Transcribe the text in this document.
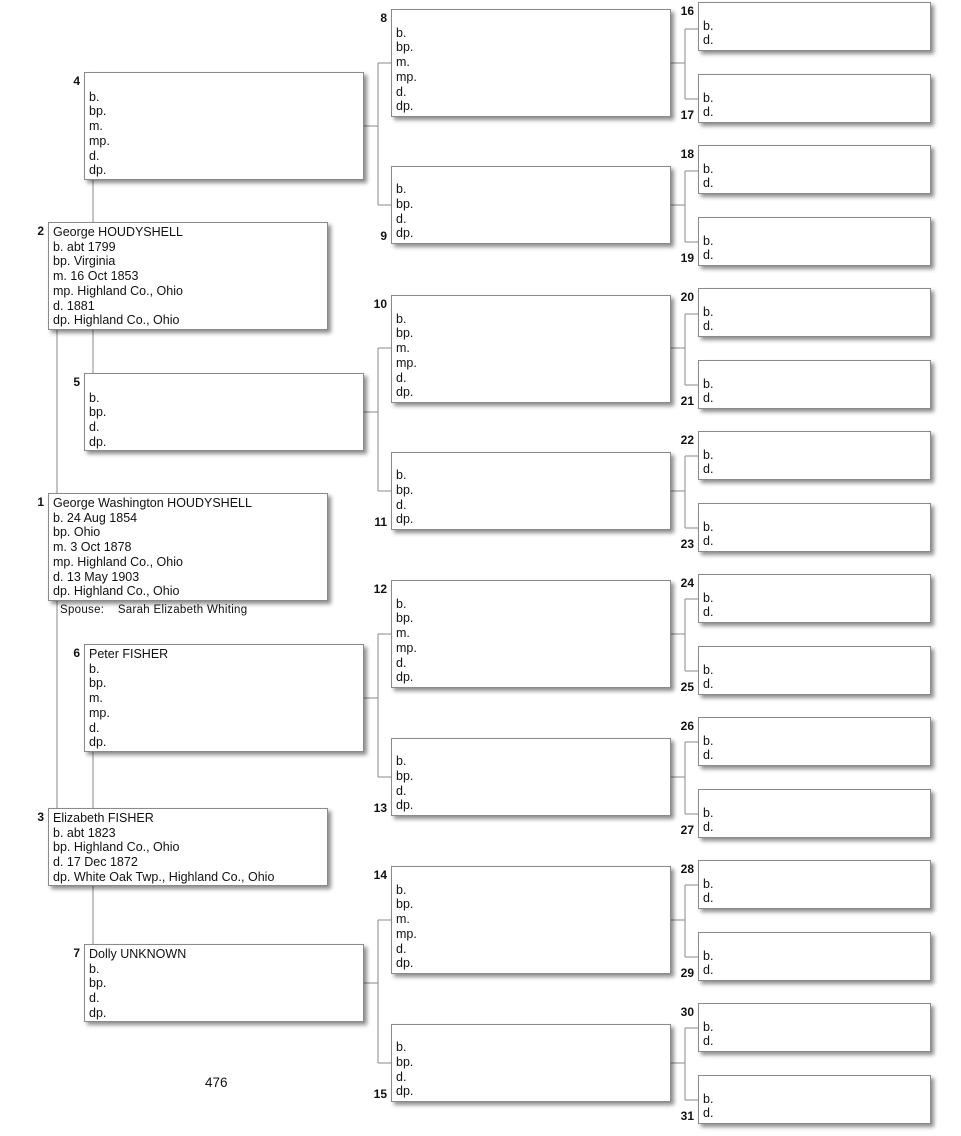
George Washington HOUDYSHELL
b. 24 Aug 1854
bp. Ohio
m. 3 Oct 1878
mp. Highland Co., Ohio
d. 13 May 1903
dp. Highland Co., Ohio
1
George HOUDYSHELL
b. abt 1799
bp. Virginia
m. 16 Oct 1853
mp. Highland Co., Ohio
d. 1881
dp. Highland Co., Ohio
2
Elizabeth FISHER
b. abt 1823
bp. Highland Co., Ohio
d. 17 Dec 1872
dp. White Oak Twp., Highland Co., Ohio
3

b.
bp.
m.
mp.
d.
dp.
4

b.
bp.
d.
dp.
5
Peter FISHER
b.
bp.
m.
mp.
d.
dp.
6
Dolly UNKNOWN
b.
bp.
d.
dp.
7
b.
bp.
m.
mp.
d.
dp.
8
b.
bp.
d.
dp.
9
b.
bp.
m.
mp.
d.
dp.
10
b.
bp.
d.
dp.
11
b.
bp.
m.
mp.
d.
dp.
12
b.
bp.
d.
dp.
13
b.
bp.
m.
mp.
d.
dp.
14
b.
bp.
d.
dp.
15
b.
d.
16
b.
d.
17
b.
d.
18
b.
d.
19
b.
d.
20
b.
d.
21
b.
d.
22
b.
d.
23
b.
d.
24
b.
d.
25
b.
d.
26
b.
d.
27
b.
d.
28
b.
d.
29
b.
d.
30
b.
d.
31
Spouse: Sarah Elizabeth Whiting
476
